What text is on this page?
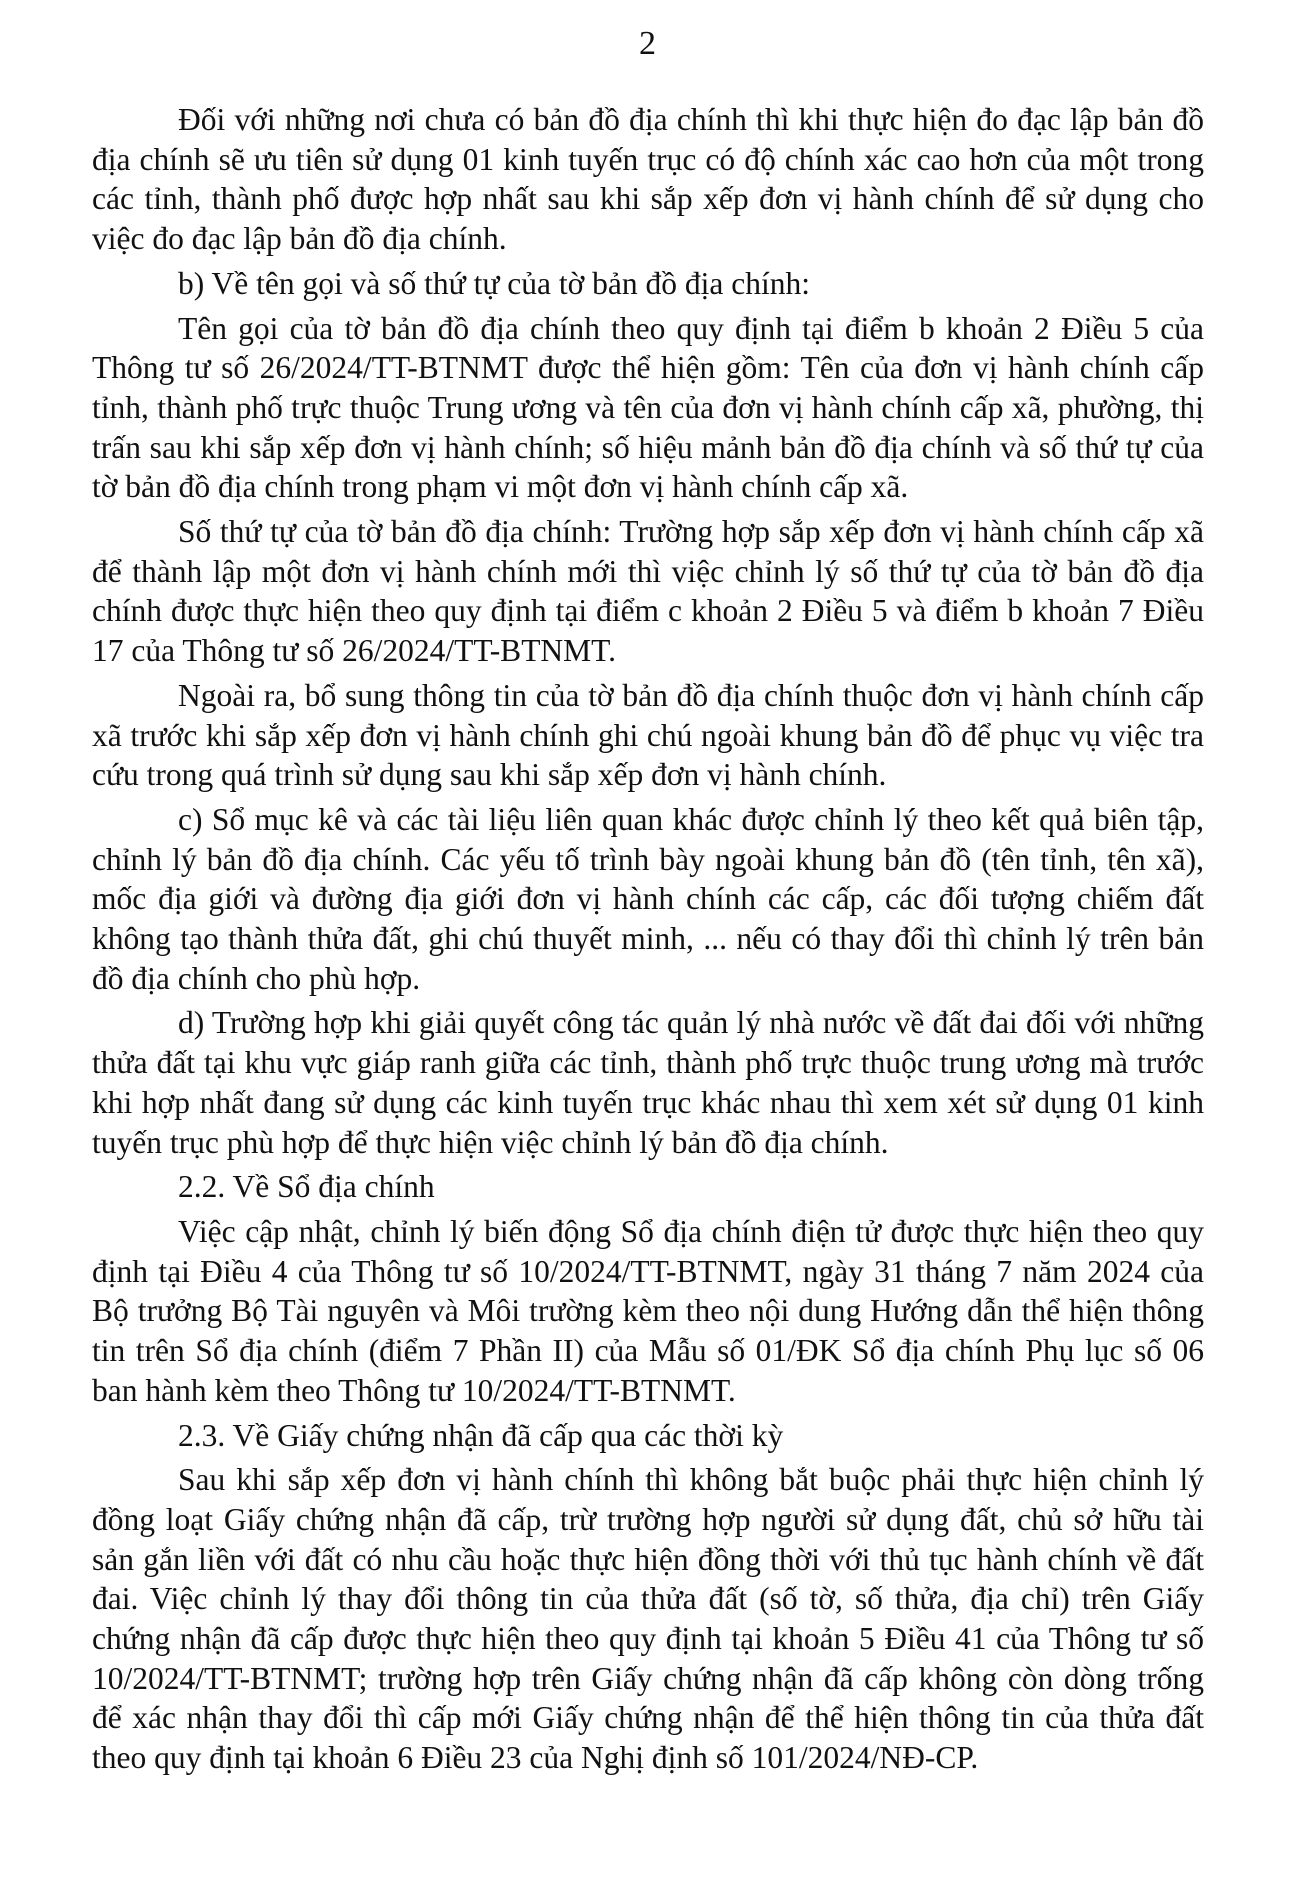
2

Đối với những nơi chưa có bản đồ địa chính thì khi thực hiện đo đạc lập bản đồ địa chính sẽ ưu tiên sử dụng 01 kinh tuyến trục có độ chính xác cao hơn của một trong các tỉnh, thành phố được hợp nhất sau khi sắp xếp đơn vị hành chính để sử dụng cho việc đo đạc lập bản đồ địa chính.

b) Về tên gọi và số thứ tự của tờ bản đồ địa chính:

Tên gọi của tờ bản đồ địa chính theo quy định tại điểm b khoản 2 Điều 5 của Thông tư số 26/2024/TT-BTNMT được thể hiện gồm: Tên của đơn vị hành chính cấp tỉnh, thành phố trực thuộc Trung ương và tên của đơn vị hành chính cấp xã, phường, thị trấn sau khi sắp xếp đơn vị hành chính; số hiệu mảnh bản đồ địa chính và số thứ tự của tờ bản đồ địa chính trong phạm vi một đơn vị hành chính cấp xã.

Số thứ tự của tờ bản đồ địa chính: Trường hợp sắp xếp đơn vị hành chính cấp xã để thành lập một đơn vị hành chính mới thì việc chỉnh lý số thứ tự của tờ bản đồ địa chính được thực hiện theo quy định tại điểm c khoản 2 Điều 5 và điểm b khoản 7 Điều 17 của Thông tư số 26/2024/TT-BTNMT.

Ngoài ra, bổ sung thông tin của tờ bản đồ địa chính thuộc đơn vị hành chính cấp xã trước khi sắp xếp đơn vị hành chính ghi chú ngoài khung bản đồ để phục vụ việc tra cứu trong quá trình sử dụng sau khi sắp xếp đơn vị hành chính.

c) Sổ mục kê và các tài liệu liên quan khác được chỉnh lý theo kết quả biên tập, chỉnh lý bản đồ địa chính. Các yếu tố trình bày ngoài khung bản đồ (tên tỉnh, tên xã), mốc địa giới và đường địa giới đơn vị hành chính các cấp, các đối tượng chiếm đất không tạo thành thửa đất, ghi chú thuyết minh, ... nếu có thay đổi thì chỉnh lý trên bản đồ địa chính cho phù hợp.

d) Trường hợp khi giải quyết công tác quản lý nhà nước về đất đai đối với những thửa đất tại khu vực giáp ranh giữa các tỉnh, thành phố trực thuộc trung ương mà trước khi hợp nhất đang sử dụng các kinh tuyến trục khác nhau thì xem xét sử dụng 01 kinh tuyến trục phù hợp để thực hiện việc chỉnh lý bản đồ địa chính.

2.2. Về Sổ địa chính

Việc cập nhật, chỉnh lý biến động Sổ địa chính điện tử được thực hiện theo quy định tại Điều 4 của Thông tư số 10/2024/TT-BTNMT, ngày 31 tháng 7 năm 2024 của Bộ trưởng Bộ Tài nguyên và Môi trường kèm theo nội dung Hướng dẫn thể hiện thông tin trên Sổ địa chính (điểm 7 Phần II) của Mẫu số 01/ĐK Sổ địa chính Phụ lục số 06 ban hành kèm theo Thông tư 10/2024/TT-BTNMT.

2.3. Về Giấy chứng nhận đã cấp qua các thời kỳ

Sau khi sắp xếp đơn vị hành chính thì không bắt buộc phải thực hiện chỉnh lý đồng loạt Giấy chứng nhận đã cấp, trừ trường hợp người sử dụng đất, chủ sở hữu tài sản gắn liền với đất có nhu cầu hoặc thực hiện đồng thời với thủ tục hành chính về đất đai. Việc chỉnh lý thay đổi thông tin của thửa đất (số tờ, số thửa, địa chỉ) trên Giấy chứng nhận đã cấp được thực hiện theo quy định tại khoản 5 Điều 41 của Thông tư số 10/2024/TT-BTNMT; trường hợp trên Giấy chứng nhận đã cấp không còn dòng trống để xác nhận thay đổi thì cấp mới Giấy chứng nhận để thể hiện thông tin của thửa đất theo quy định tại khoản 6 Điều 23 của Nghị định số 101/2024/NĐ-CP.
